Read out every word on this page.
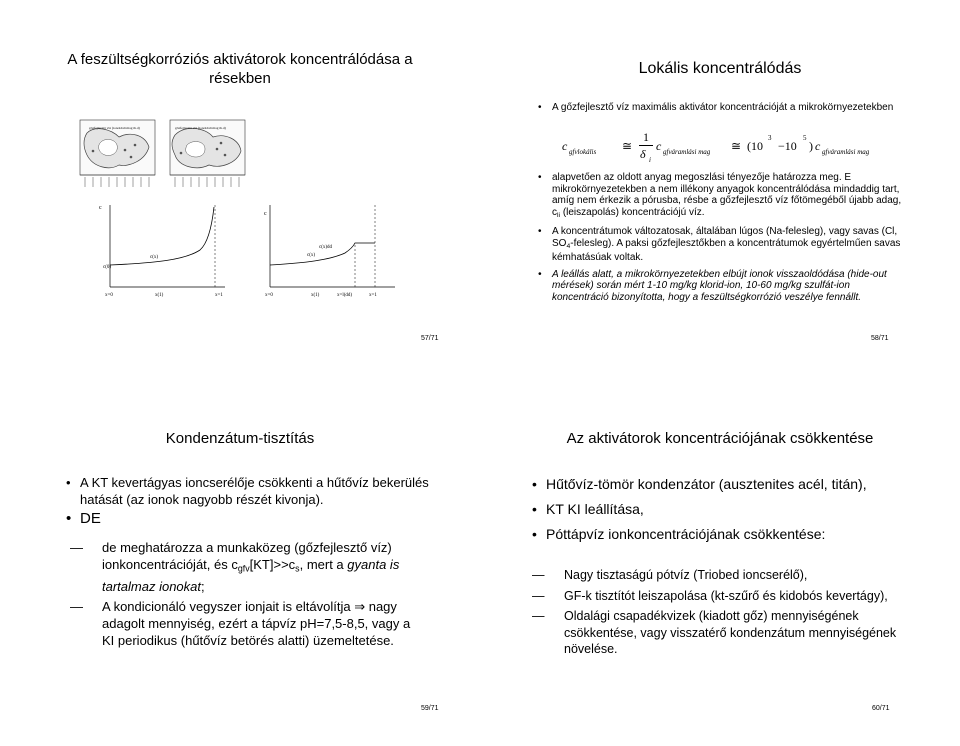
A feszültségkorróziós aktivátorok koncentrálódása a résekben
gőzfejlesztő víz (ionoldali mag th.d)	gőzfejlesztő víz (ionoldali mag th.d)
c
c(0)
c(x)
x=0	x(1)	x=1
c
c(x)dd
c(x)
x=0	x(1)	x=l(dd)	x=1
57/71
Lokális koncentrálódás
• A gőzfejlesztő víz maximális aktivátor koncentrációját a mikrokörnyezetekben
c gfvlokális ≅
1
δ i
c gfváramlási mag ≅ (10
3
−10
5
) c gfváramlási mag
• alapvetően az oldott anyag megoszlási tényezője határozza meg. E mikrokörnyezetekben a nem illékony anyagok koncentrálódása mindaddig tart, amíg nem érkezik a pórusba, résbe a gőzfejlesztő víz főtömegéből újabb adag, $c_{li}$ (leiszapolás) koncentrációjú víz.
• A koncentrátumok változatosak, általában lúgos (Na-felesleg), vagy savas (Cl, $SO_4-felesleg$). A paksi gőzfejlesztőkben a koncentrátumok egyértelműen savas kémhatásúak voltak.
• A leállás alatt, a mikrokörnyezetekben elbújt ionok visszaoldódása (hide-out mérések) során mért 1-10 mg/kg klorid-ion, 10-60 mg/kg szulfát-ion koncentráció bizonyította, hogy a feszültségkorrózió veszélye fennállt.
58/71
Kondenzátum-tisztítás
• A KT kevertágyas ioncserélője csökkenti a hűtővíz bekerülés hatását (az ionok nagyobb részét kivonja).
• DE
— de meghatározza a munkaközeg (gőzfejlesztő víz) ionkoncentrációját, és $c_{gfv}[KT]>>c_s$, mert a gyanta is tartalmaz ionokat;
— A kondicionáló vegyszer ionjait is eltávolítja ⇒ nagy adagolt mennyiség, ezért a tápvíz pH=7,5-8,5, vagy a KI periodikus (hűtővíz betörés alatti) üzemeltetése.
59/71
Az aktivátorok koncentrációjának csökkentése
• Hűtővíz-tömör kondenzátor (ausztenites acél, titán),
• KT KI leállítása,
• Póttápvíz ionkoncentrációjának csökkentése:
— Nagy tisztaságú pótvíz (Triobed ioncserélő),
— GF-k tisztítót leiszapolása (kt-szűrő és kidobós kevertágy),
— Oldalági csapadékvizek (kiadott gőz) mennyiségének csökkentése, vagy visszatérő kondenzátum mennyiségének növelése.
60/71
